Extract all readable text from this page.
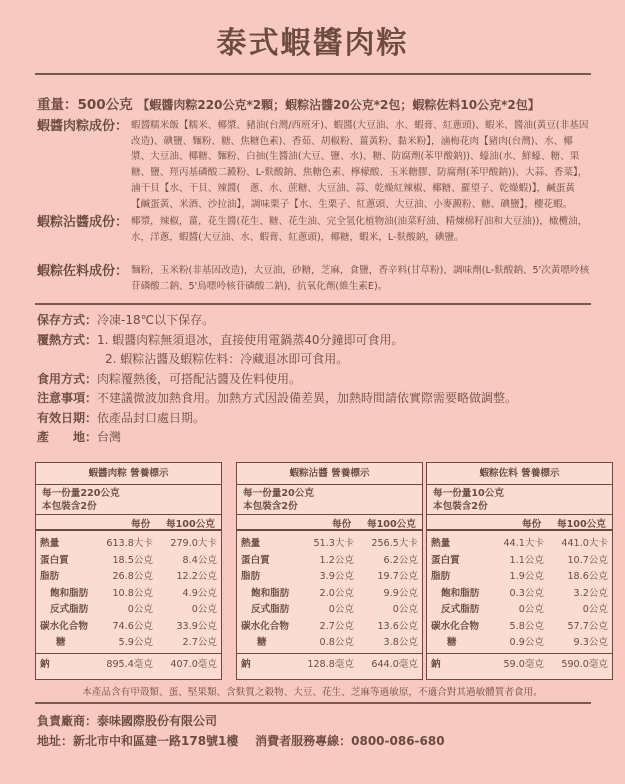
泰式蝦醬肉粽
重量：500公克 【蝦醬肉粽220公克*2顆；蝦粽沾醬20公克*2包；蝦粽佐料10公克*2包】
蝦醬肉粽成份： 蝦醬糯米飯【糯米、椰漿、豬油(台灣/西班牙)、蝦醬(大豆油、水、蝦膏、紅蔥頭)、蝦米、醬油(黃豆(非基因改造)、碘鹽、麵粉、糖、焦糖色素)、香茹、胡椒粉、薑黃粉、黏米粉】，滷梅花肉【豬肉(台灣)、水、椰漿、大豆油、椰糖、麵粉、白抽(生醬油(大豆、鹽、水)、糖、防腐劑(苯甲酸鈉))、蠔油(水、鮮蠔、糖、果糖、鹽、羥丙基磷酸二澱粉、L-麩酸鈉、焦糖色素、檸檬酸、玉米糖膠、防腐劑(苯甲酸鈉))、大蒜、香菜】，滷干貝【水、干貝、辣醬(　蔥、水、蔗糖、大豆油、蒜、乾燥紅辣椒、椰糖、羅望子、乾燥蝦)】，鹹蛋黃【鹹蛋黃、米酒、沙拉油】，調味栗子【水、生栗子、紅蔥頭、大豆油、小麥澱粉、糖、碘鹽】，櫻花蝦。
蝦粽沾醬成份： 椰漿，辣椒，薑，花生醬(花生、糖、花生油、完全氫化植物油(油菜籽油、精煉棉籽油和大豆油))，橄欖油，水，洋蔥，蝦醬(大豆油、水、蝦膏、紅蔥頭)，椰糖，蝦米，L-麩酸鈉，碘鹽。
蝦粽佐料成份： 麵粉，玉米粉(非基因改造)，大豆油，砂糖，芝麻，食鹽，香辛料(甘草粉)，調味劑(L-麩酸鈉、5'次黃嘌呤核苷磷酸二鈉、5'鳥嘌呤核苷磷酸二鈉)，抗氧化劑(維生素E)。
保存方式：冷凍-18℃以下保存。
覆熱方式：1. 蝦醬肉粽無須退冰，直接使用電鍋蒸40分鐘即可食用。
2. 蝦粽沾醬及蝦粽佐料：冷藏退冰即可食用。
食用方式：肉粽覆熱後，可搭配沾醬及佐料使用。
注意事項：不建議微波加熱食用。加熱方式因設備差異，加熱時間請依實際需要略做調整。
有效日期：依產品封口處日期。
產　　地：台灣
蝦醬肉粽 營養標示
每一份量220公克
本包裝含2份
每份 每100公克
熱量	613.8大卡 279.0大卡
蛋白質	18.5公克	8.4公克
脂肪	26.8公克 12.2公克
飽和脂肪	10.8公克	4.9公克
反式脂肪	0公克	0公克
碳水化合物	74.6公克 33.9公克
糖	5.9公克	2.7公克
鈉	895.4毫克 407.0毫克
蝦粽沾醬 營養標示
每一份量20公克
本包裝含2份
每份 每100公克
熱量	51.3大卡 256.5大卡
蛋白質	1.2公克	6.2公克
脂肪	3.9公克 19.7公克
飽和脂肪	2.0公克	9.9公克
反式脂肪	0公克	0公克
碳水化合物	2.7公克 13.6公克
糖	0.8公克	3.8公克
鈉	128.8毫克 644.0毫克
蝦粽佐料 營養標示
每一份量10公克
本包裝含2份
每份 每100公克
熱量	44.1大卡 441.0大卡
蛋白質	1.1公克 10.7公克
脂肪	1.9公克 18.6公克
飽和脂肪	0.3公克	3.2公克
反式脂肪	0公克	0公克
碳水化合物	5.8公克 57.7公克
糖	0.9公克	9.3公克
鈉	59.0毫克 590.0毫克
本產品含有甲殼類、蛋、堅果類、含麩質之穀物、大豆、花生、芝麻等過敏原，不適合對其過敏體質者食用。
負責廠商：泰味國際股份有限公司
地址：新北市中和區建一路178號1樓 消費者服務專線：0800-086-680
